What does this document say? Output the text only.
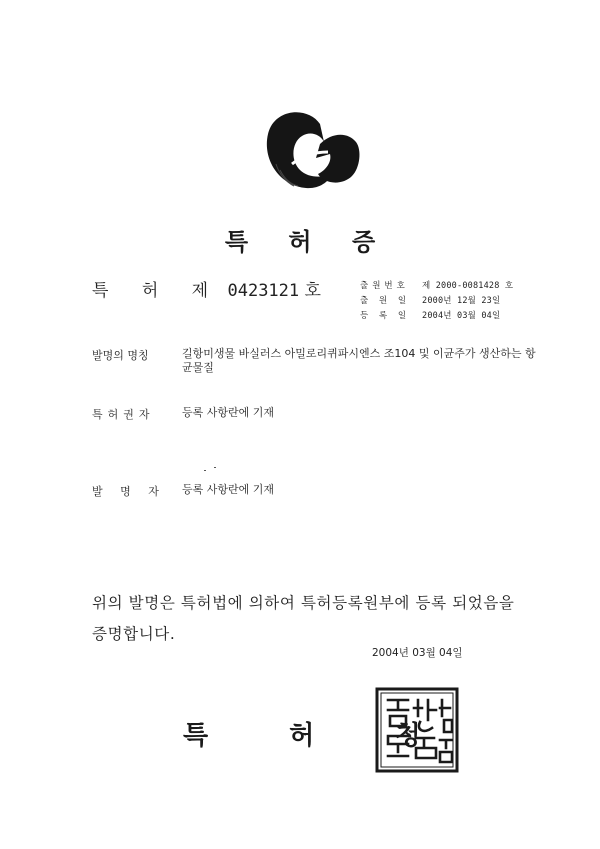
특 허 증
특 허 제 0423121 호	출원번호	제 2000-0081428 호
출 원 일	2000년 12월 23일
등 록 일	2004년 03월 04일
발명의 명칭	길항미생물 바실러스 아밀로리퀴파시엔스 조104 및 이균주가 생산하는 항균물질
특허권자 등록 사항란에 기재
발 명 자 등록 사항란에 기재
위의 발명은 특허법에 의하여 특허등록원부에 등록 되었음을 증명합니다.
2004년 03월 04일
특 허 청
